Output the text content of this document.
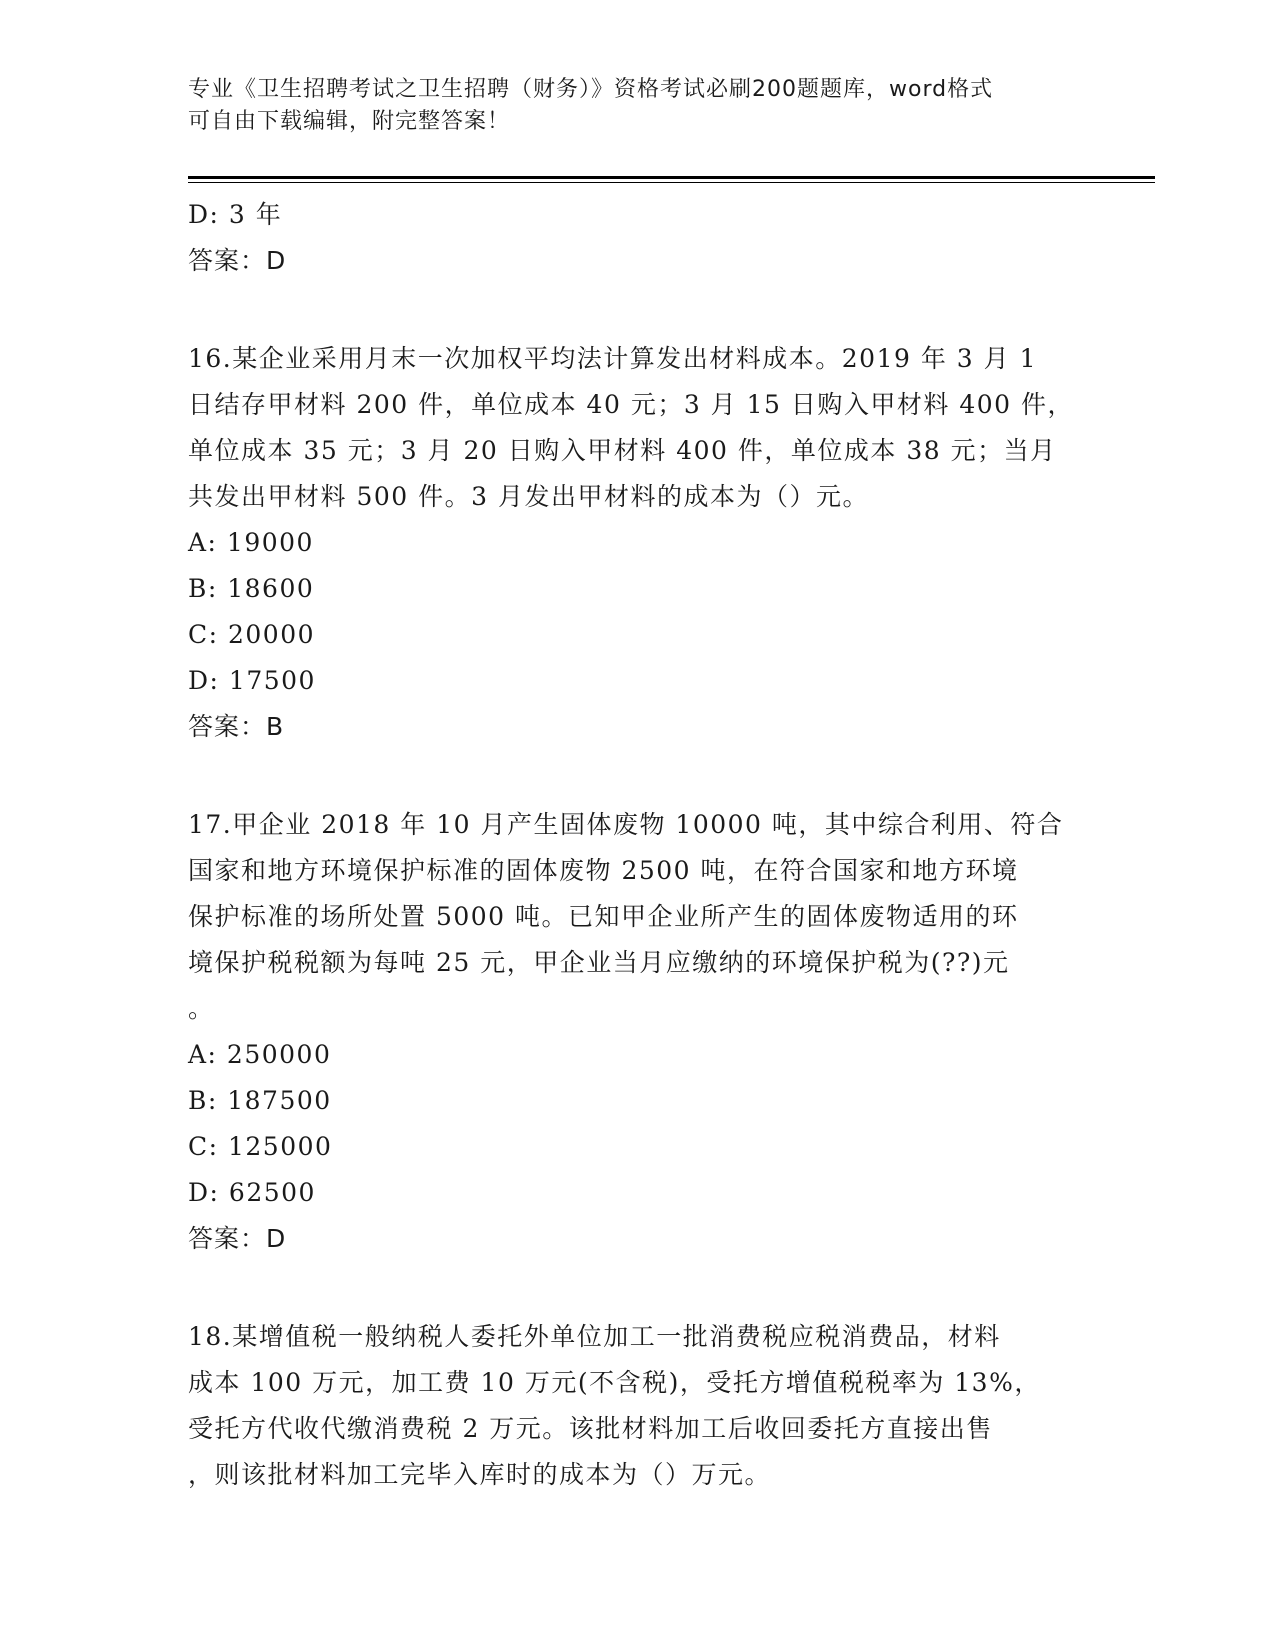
专业《卫生招聘考试之卫生招聘（财务）》资格考试必刷200题题库，word格式
可自由下载编辑，附完整答案！
D: 3 年
答案：D
16.某企业采用月末一次加权平均法计算发出材料成本。2019 年 3 月 1
日结存甲材料 200 件，单位成本 40 元；3 月 15 日购入甲材料 400 件，
单位成本 35 元；3 月 20 日购入甲材料 400 件，单位成本 38 元；当月
共发出甲材料 500 件。3 月发出甲材料的成本为（）元。
A: 19000
B: 18600
C: 20000
D: 17500
答案：B
17.甲企业 2018 年 10 月产生固体废物 10000 吨，其中综合利用、符合
国家和地方环境保护标准的固体废物 2500 吨，在符合国家和地方环境
保护标准的场所处置 5000 吨。已知甲企业所产生的固体废物适用的环
境保护税税额为每吨 25 元，甲企业当月应缴纳的环境保护税为(??)元
。
A: 250000
B: 187500
C: 125000
D: 62500
答案：D
18.某增值税一般纳税人委托外单位加工一批消费税应税消费品，材料
成本 100 万元，加工费 10 万元(不含税)，受托方增值税税率为 13%，
受托方代收代缴消费税 2 万元。该批材料加工后收回委托方直接出售
，则该批材料加工完毕入库时的成本为（）万元。
